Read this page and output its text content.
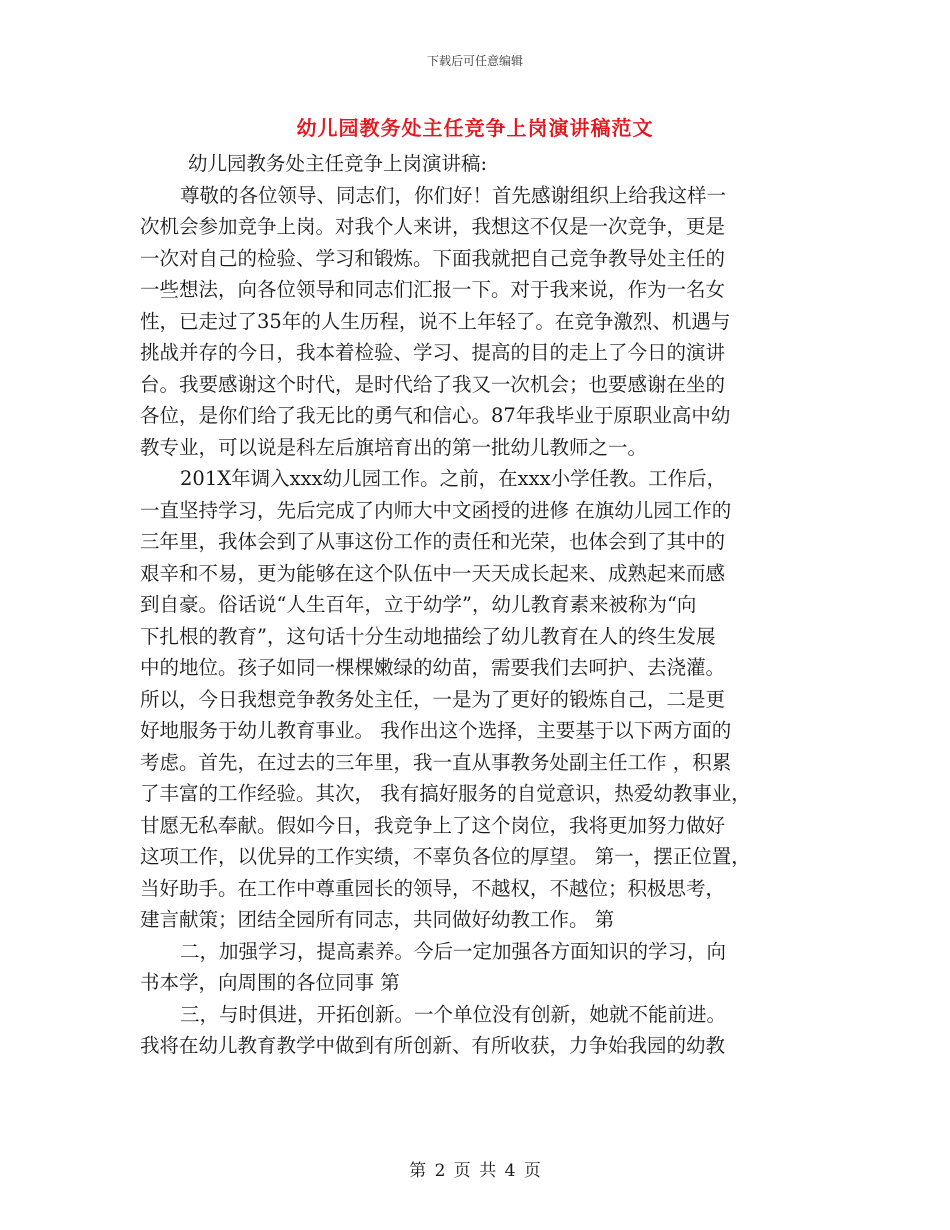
下载后可任意编辑
幼儿园教务处主任竞争上岗演讲稿范文
幼儿园教务处主任竞争上岗演讲稿:
尊敬的各位领导、同志们，你们好！首先感谢组织上给我这样一
次机会参加竞争上岗。对我个人来讲，我想这不仅是一次竞争，更是
一次对自己的检验、学习和锻炼。下面我就把自己竞争教导处主任的
一些想法，向各位领导和同志们汇报一下。对于我来说，作为一名女
性，已走过了35年的人生历程，说不上年轻了。在竞争激烈、机遇与
挑战并存的今日，我本着检验、学习、提高的目的走上了今日的演讲
台。我要感谢这个时代，是时代给了我又一次机会；也要感谢在坐的
各位，是你们给了我无比的勇气和信心。87年我毕业于原职业高中幼
教专业，可以说是科左后旗培育出的第一批幼儿教师之一。
201X年调入xxx幼儿园工作。之前，在xxx小学任教。工作后，
一直坚持学习，先后完成了内师大中文函授的进修 在旗幼儿园工作的
三年里，我体会到了从事这份工作的责任和光荣，也体会到了其中的
艰辛和不易，更为能够在这个队伍中一天天成长起来、成熟起来而感
到自豪。俗话说“人生百年，立于幼学”，幼儿教育素来被称为“向
下扎根的教育”，这句话十分生动地描绘了幼儿教育在人的终生发展
中的地位。孩子如同一棵棵嫩绿的幼苗，需要我们去呵护、去浇灌。
所以，今日我想竞争教务处主任，一是为了更好的锻炼自己，二是更
好地服务于幼儿教育事业。 我作出这个选择，主要基于以下两方面的
考虑。首先，在过去的三年里，我一直从事教务处副主任工作 ，积累
了丰富的工作经验。其次， 我有搞好服务的自觉意识，热爱幼教事业，
甘愿无私奉献。假如今日，我竞争上了这个岗位，我将更加努力做好
这项工作，以优异的工作实绩，不辜负各位的厚望。 第一，摆正位置，
当好助手。在工作中尊重园长的领导，不越权，不越位；积极思考，
建言献策；团结全园所有同志，共同做好幼教工作。 第
二，加强学习，提高素养。今后一定加强各方面知识的学习，向
书本学，向周围的各位同事 第
三，与时俱进，开拓创新。一个单位没有创新，她就不能前进。
我将在幼儿教育教学中做到有所创新、有所收获，力争始我园的幼教
第 2 页 共 4 页
